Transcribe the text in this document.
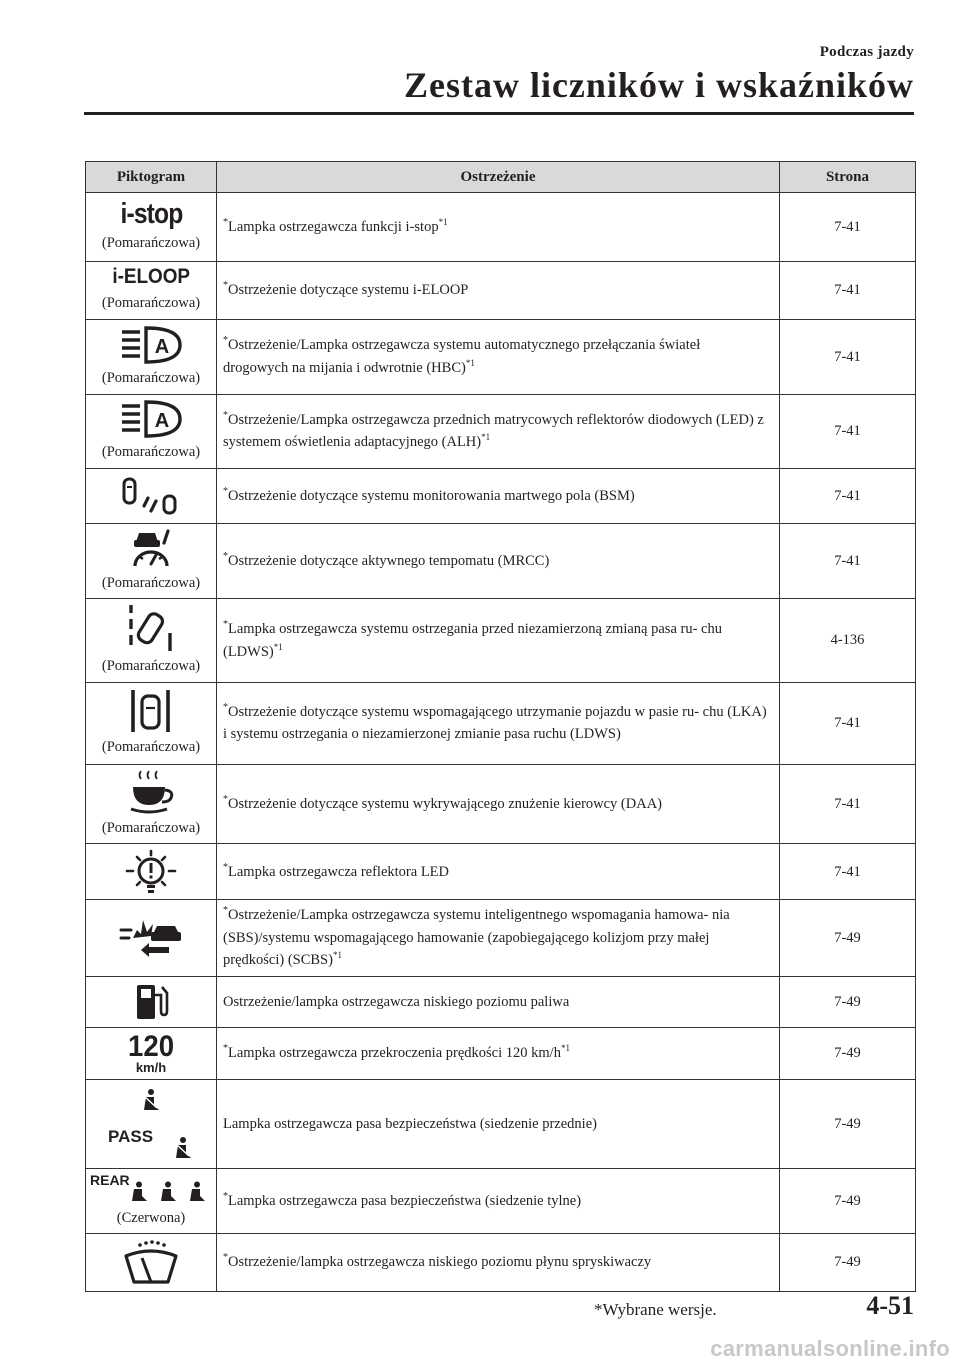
Podczas jazdy
Zestaw liczników i wskaźników
Piktogram	Ostrzeżenie	Strona
i-stop
(Pomarańczowa)	*Lampka ostrzegawcza funkcji i-stop$^{*1}$	7-41
i-ELOOP
(Pomarańczowa)	*Ostrzeżenie dotyczące systemu i-ELOOP	7-41

A
(Pomarańczowa)	*Ostrzeżenie/Lampka ostrzegawcza systemu automatycznego przełączania świateł drogowych na mijania i odwrotnie (HBC)$^{*1}$	7-41

A
(Pomarańczowa)	*Ostrzeżenie/Lampka ostrzegawcza przednich matrycowych reflektorów diodowych (LED) z systemem oświetlenia adaptacyjnego (ALH)$^{*1}$	7-41

	*Ostrzeżenie dotyczące systemu monitorowania martwego pola (BSM)	7-41

(Pomarańczowa)	*Ostrzeżenie dotyczące aktywnego tempomatu (MRCC)	7-41

(Pomarańczowa)	*Lampka ostrzegawcza systemu ostrzegania przed niezamierzoną zmianą pasa ru- chu (LDWS)$^{*1}$	4-136

(Pomarańczowa)	*Ostrzeżenie dotyczące systemu wspomagającego utrzymanie pojazdu w pasie ru- chu (LKA) i systemu ostrzegania o niezamierzonej zmianie pasa ruchu (LDWS)	7-41

(Pomarańczowa)	*Ostrzeżenie dotyczące systemu wykrywającego znużenie kierowcy (DAA)	7-41

	*Lampka ostrzegawcza reflektora LED	7-41

	*Ostrzeżenie/Lampka ostrzegawcza systemu inteligentnego wspomagania hamowa- nia (SBS)/systemu wspomagającego hamowanie (zapobiegającego kolizjom przy małej prędkości) (SCBS)$^{*1}$	7-49

	Ostrzeżenie/lampka ostrzegawcza niskiego poziomu paliwa	7-49

120
km/h	*Lampka ostrzegawcza przekroczenia prędkości 120 $km/h^{*1}$	7-49

PASS	Lampka ostrzegawcza pasa bezpieczeństwa (siedzenie przednie)	7-49

REAR
(Czerwona)	*Lampka ostrzegawcza pasa bezpieczeństwa (siedzenie tylne)	7-49

	*Ostrzeżenie/lampka ostrzegawcza niskiego poziomu płynu spryskiwaczy	7-49
*Wybrane wersje.	4-51
carmanualsonline.info
